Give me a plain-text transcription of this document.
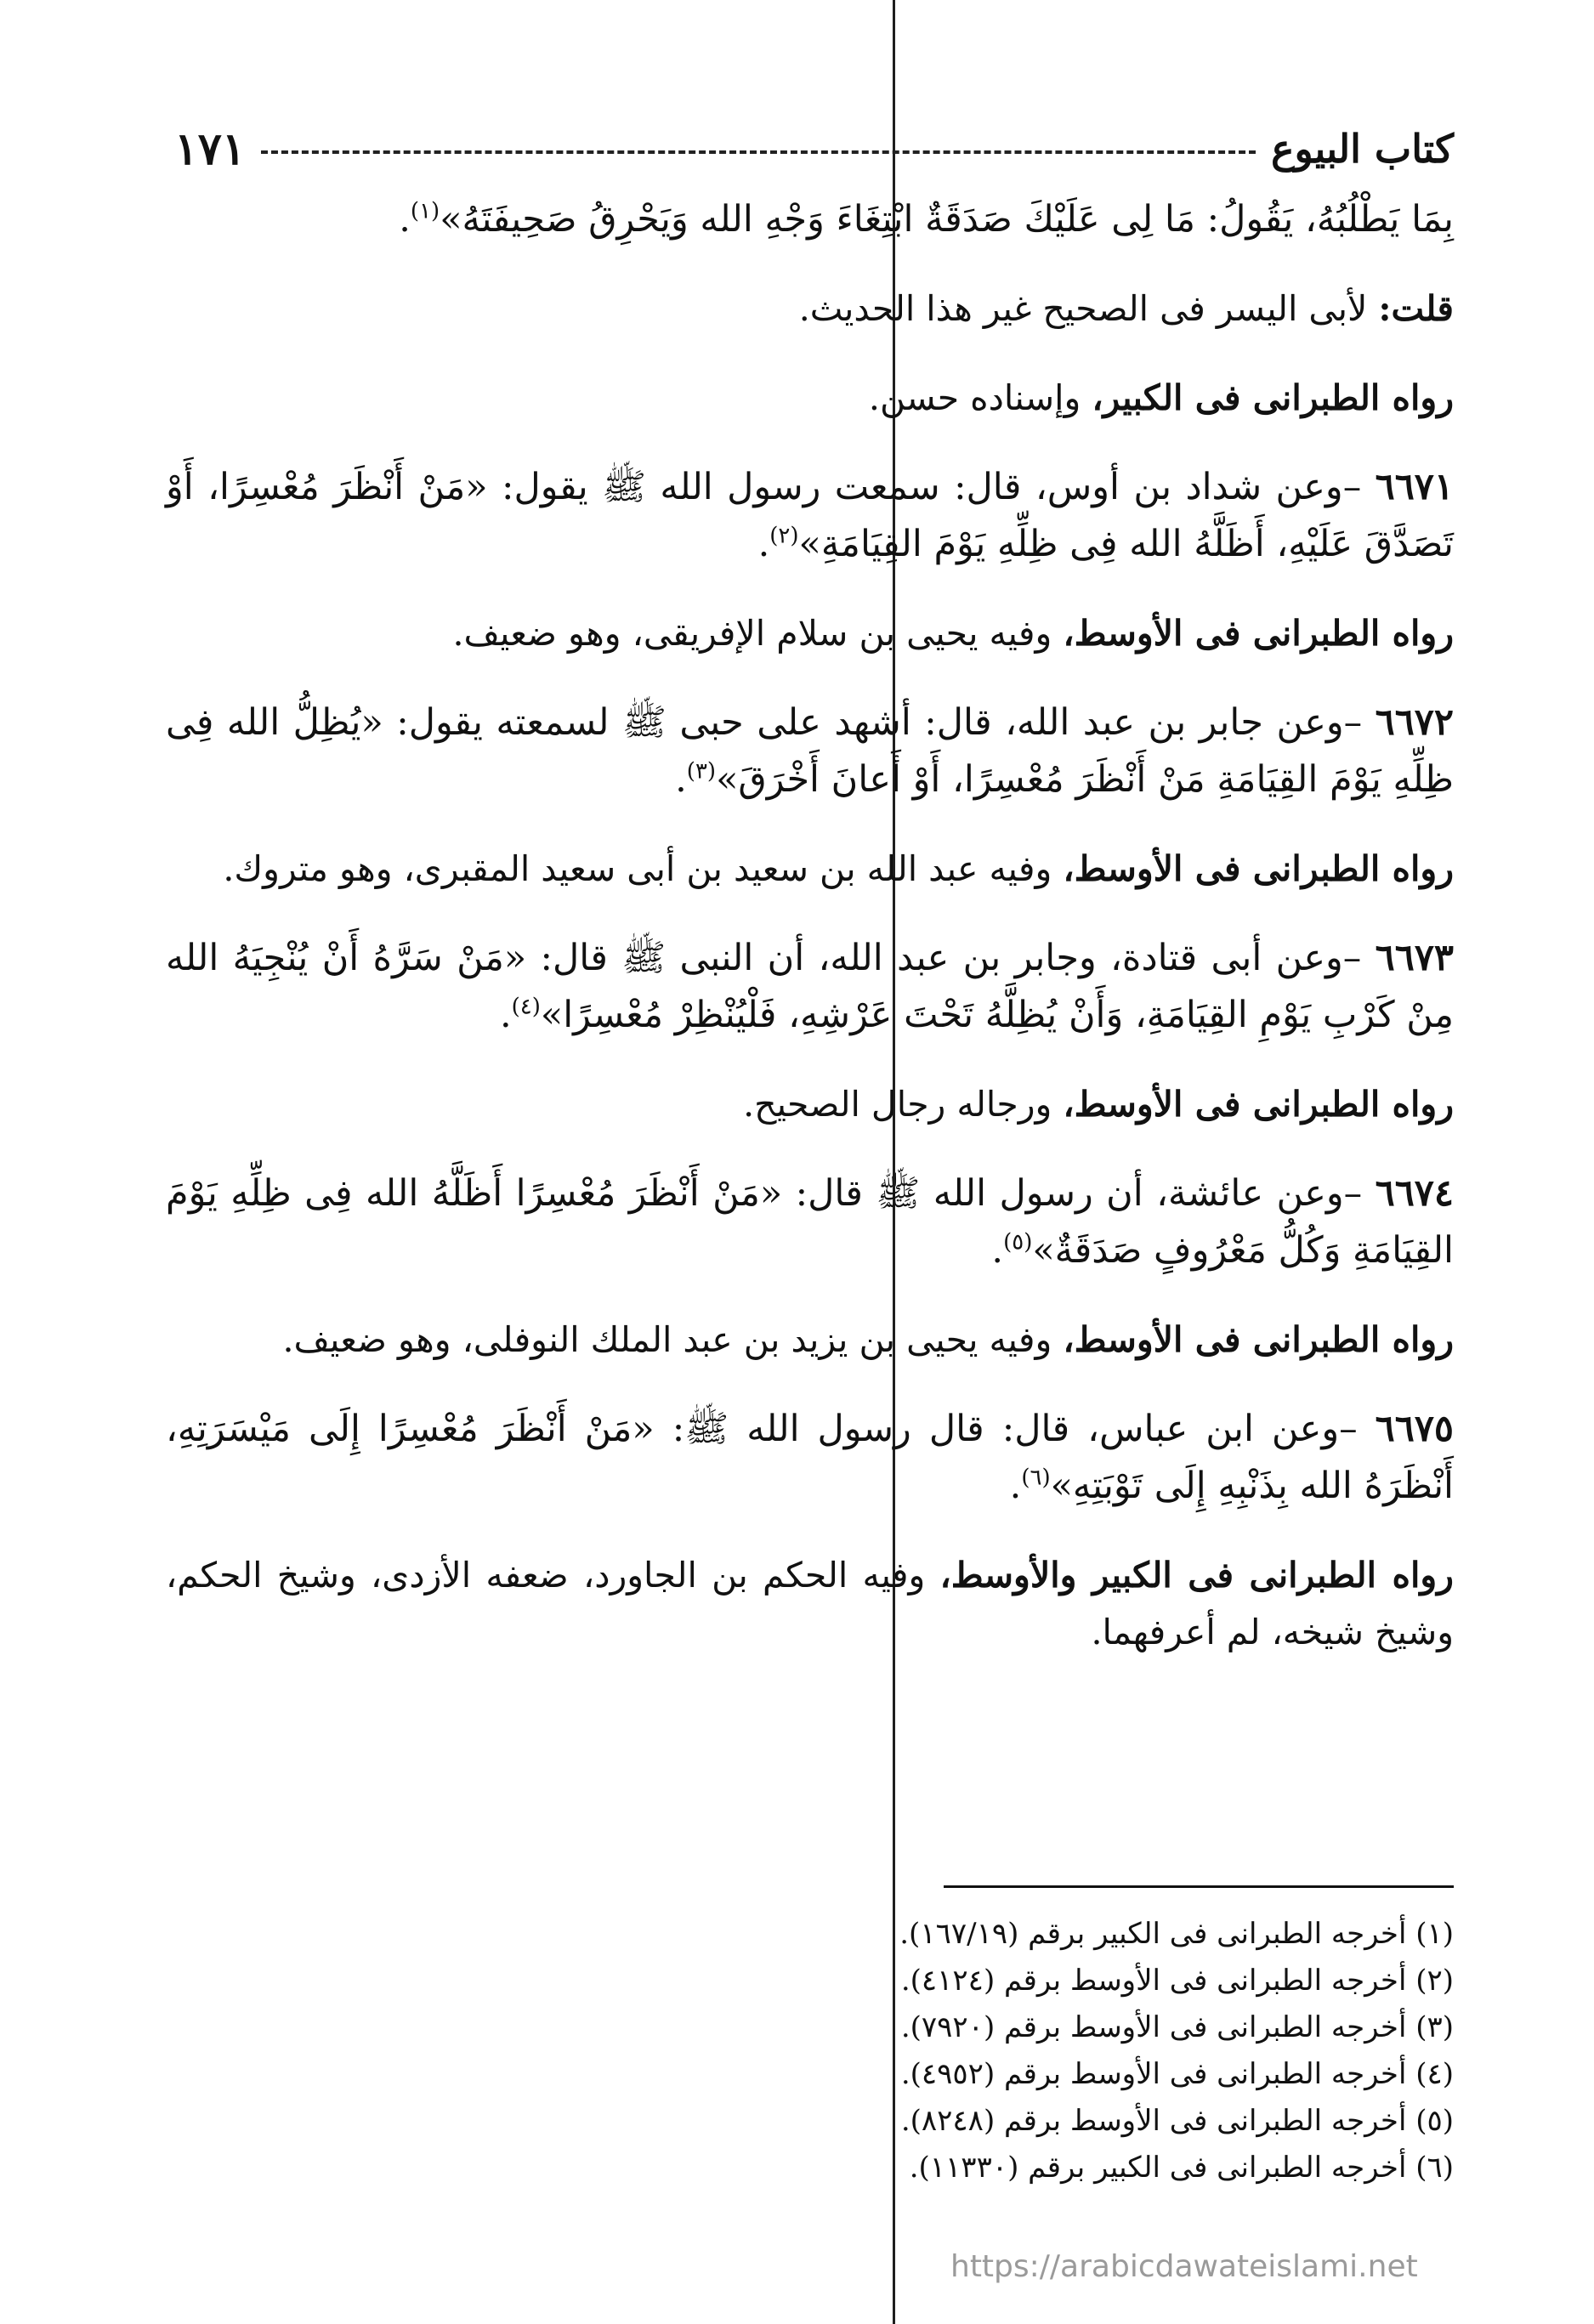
كتاب البيوع
١٧١

بِمَا يَطْلُبُهُ، يَقُولُ: مَا لِى عَلَيْكَ صَدَقَةٌ ابْتِغَاءَ وَجْهِ الله وَيَحْرِقُ صَحِيفَتَهُ»$^{(١)}$.

قلت: لأبى اليسر فى الصحيح غير هذا الحديث.

رواه الطبرانى فى الكبير، وإسناده حسن.

٦٦٧١ –وعن شداد بن أوس، قال: سمعت رسول الله ﷺ يقول: «مَنْ أَنْظَرَ مُعْسِرًا، أَوْ تَصَدَّقَ عَلَيْهِ، أَظَلَّهُ الله فِى ظِلِّهِ يَوْمَ القِيَامَةِ»$^{(٢)}$.

رواه الطبرانى فى الأوسط، وفيه يحيى بن سلام الإفريقى، وهو ضعيف.

٦٦٧٢ –وعن جابر بن عبد الله، قال: أشهد على حبى ﷺ لسمعته يقول: «يُظِلُّ الله فِى ظِلِّهِ يَوْمَ القِيَامَةِ مَنْ أَنْظَرَ مُعْسِرًا، أَوْ أَعانَ أَخْرَقَ»$^{(٣)}$.

رواه الطبرانى فى الأوسط، وفيه عبد الله بن سعيد بن أبى سعيد المقبرى، وهو متروك.

٦٦٧٣ –وعن أبى قتادة، وجابر بن عبد الله، أن النبى ﷺ قال: «مَنْ سَرَّهُ أَنْ يُنْجِيَهُ الله مِنْ كَرْبِ يَوْمِ القِيَامَةِ، وَأَنْ يُظِلَّهُ تَحْتَ عَرْشِهِ، فَلْيُنْظِرْ مُعْسِرًا»$^{(٤)}$.

رواه الطبرانى فى الأوسط، ورجاله رجال الصحيح.

٦٦٧٤ –وعن عائشة، أن رسول الله ﷺ قال: «مَنْ أَنْظَرَ مُعْسِرًا أَظَلَّهُ الله فِى ظِلِّهِ يَوْمَ القِيَامَةِ وَكُلُّ مَعْرُوفٍ صَدَقَةٌ»$^{(٥)}$.

رواه الطبرانى فى الأوسط، وفيه يحيى بن يزيد بن عبد الملك النوفلى، وهو ضعيف.

٦٦٧٥ –وعن ابن عباس، قال: قال رسول الله ﷺ: «مَنْ أَنْظَرَ مُعْسِرًا إِلَى مَيْسَرَتِهِ، أَنْظَرَهُ الله بِذَنْبِهِ إِلَى تَوْبَتِهِ»$^{(٦)}$.

رواه الطبرانى فى الكبير والأوسط، وفيه الحكم بن الجاورد، ضعفه الأزدى، وشيخ الحكم، وشيخ شيخه، لم أعرفهما.

(١) أخرجه الطبرانى فى الكبير برقم (١٦٧/١٩).

(٢) أخرجه الطبرانى فى الأوسط برقم (٤١٢٤).

(٣) أخرجه الطبرانى فى الأوسط برقم (٧٩٢٠).

(٤) أخرجه الطبرانى فى الأوسط برقم (٤٩٥٢).

(٥) أخرجه الطبرانى فى الأوسط برقم (٨٢٤٨).

(٦) أخرجه الطبرانى فى الكبير برقم (١١٣٣٠).

https://arabicdawateislami.net
